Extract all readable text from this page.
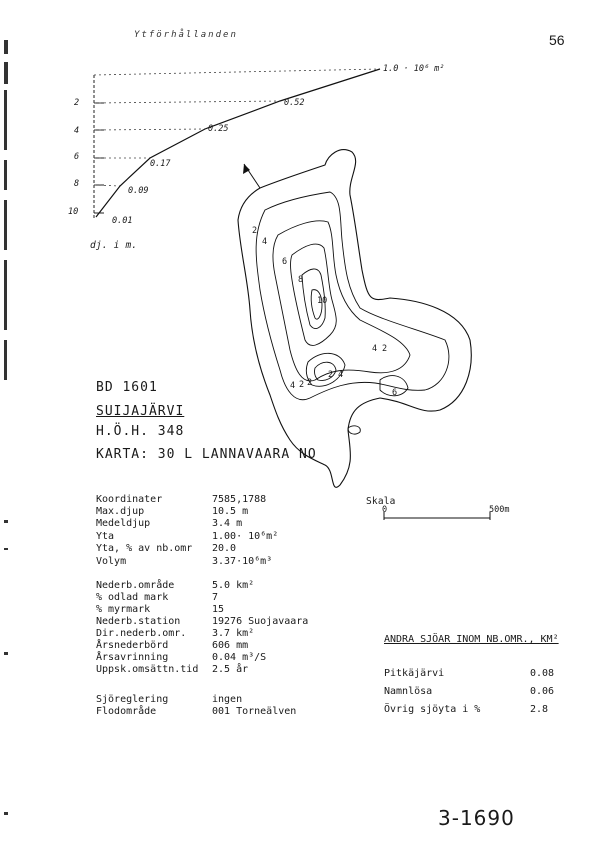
Ytförhållanden	56
1.0 · 10⁶ m²
0.52
0.25
0.17
0.09
0.01
2
4
6
8
10
dj. i m.
2
4
6
8
10
4 2
4 2 2
2 4
6
Skala
0	500m
BD 1601
SUIJAJÄRVI
H.Ö.H. 348
KARTA: 30 L LANNAVAARA NO
Koordinater	7585,1788
Max.djup	10.5 m
Medeldjup	3.4 m
Yta	1.00· 10⁶m²
Yta, % av nb.omr 20.0
Volym	3.37·10⁶m³
Nederb.område	5.0 km²
% odlad mark	7
% myrmark	15
Nederb.station	19276 Suojavaara
Dir.nederb.omr.	3.7 km²
Årsnederbörd	606 mm
Årsavrinning	0.04 m³/S
Uppsk.omsättn.tid 2.5 år
Sjöreglering	ingen
Flodområde	001 Torneälven
ANDRA SJÖAR INOM NB.OMR., KM²
Pitkäjärvi	0.08
Namnlösa	0.06
Övrig sjöyta i %	2.8
3-1690
